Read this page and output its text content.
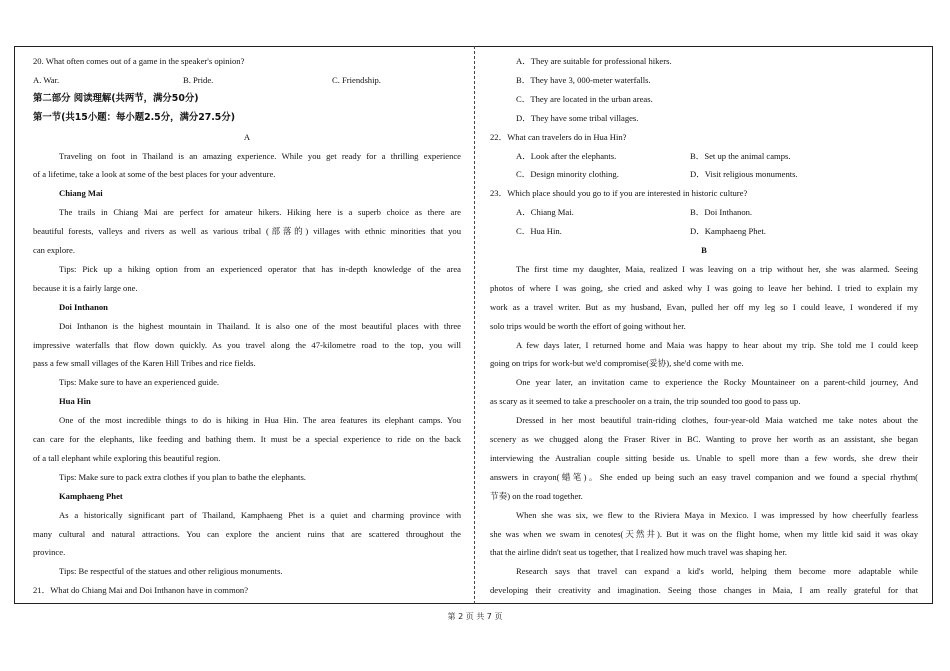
20. What often comes out of a game in the speaker's opinion?
A. War.	B. Pride.	C. Friendship.
第二部分 阅读理解(共两节，满分50分)
第一节(共15小题：每小题2.5分，满分27.5分)
A
Traveling on foot in Thailand is an amazing experience. While you get ready for a thrilling experience
of a lifetime, take a look at some of the best places for your adventure.
Chiang Mai
The trails in Chiang Mai are perfect for amateur hikers. Hiking here is a superb choice as there are
beautiful forests, valleys and rivers as well as various tribal (部落的) villages with ethnic minorities that you
can explore.
Tips: Pick up a hiking option from an experienced operator that has in-depth knowledge of the area
because it is a fairly large one.
Doi Inthanon
Doi Inthanon is the highest mountain in Thailand. It is also one of the most beautiful places with three
impressive waterfalls that flow down quickly. As you travel along the 47-kilometre road to the top, you will
pass a few small villages of the Karen Hill Tribes and rice fields.
Tips: Make sure to have an experienced guide.
Hua Hin
One of the most incredible things to do is hiking in Hua Hin. The area features its elephant camps. You
can care for the elephants, like feeding and bathing them. It must be a special experience to ride on the back
of a tall elephant while exploring this beautiful region.
Tips: Make sure to pack extra clothes if you plan to bathe the elephants.
Kamphaeng Phet
As a historically significant part of Thailand, Kamphaeng Phet is a quiet and charming province with
many cultural and natural attractions. You can explore the ancient ruins that are scattered throughout the
province.
Tips: Be respectful of the statues and other religious monuments.
21．What do Chiang Mai and Doi Inthanon have in common?
A．They are suitable for professional hikers.
B．They have 3, 000-meter waterfalls.
C．They are located in the urban areas.
D．They have some tribal villages.
22．What can travelers do in Hua Hin?
A．Look after the elephants.	B．Set up the animal camps.
C．Design minority clothing.	D．Visit religious monuments.
23．Which place should you go to if you are interested in historic culture?
A．Chiang Mai.	B．Doi Inthanon.
C．Hua Hin.	D．Kamphaeng Phet.
B
The first time my daughter, Maia, realized I was leaving on a trip without her, she was alarmed. Seeing
photos of where I was going, she cried and asked why I was going to leave her behind. I tried to explain my
work as a travel writer. But as my husband, Evan, pulled her off my leg so I could leave, I wondered if my
solo trips would be worth the effort of going without her.
A few days later, I returned home and Maia was happy to hear about my trip. She told me I could keep
going on trips for work-but we'd compromise(妥协), she'd come with me.
One year later, an invitation came to experience the Rocky Mountaineer on a parent-child journey, And
as scary as it seemed to take a preschooler on a train, the trip sounded too good to pass up.
Dressed in her most beautiful train-riding clothes, four-year-old Maia watched me take notes about the
scenery as we chugged along the Fraser River in BC. Wanting to prove her worth as an assistant, she began
interviewing the Australian couple sitting beside us. Unable to spell more than a few words, she drew their
answers in crayon(蜡笔)。She ended up being such an easy travel companion and we found a special rhythm(
节奏) on the road together.
When she was six, we flew to the Riviera Maya in Mexico. I was impressed by how cheerfully fearless
she was when we swam in cenotes(天然井). But it was on the flight home, when my little kid said it was okay
that the airline didn't seat us together, that I realized how much travel was shaping her.
Research says that travel can expand a kid's world, helping them become more adaptable while
developing their creativity and imagination. Seeing those changes in Maia, I am really grateful for that
第 2 页 共 7 页
